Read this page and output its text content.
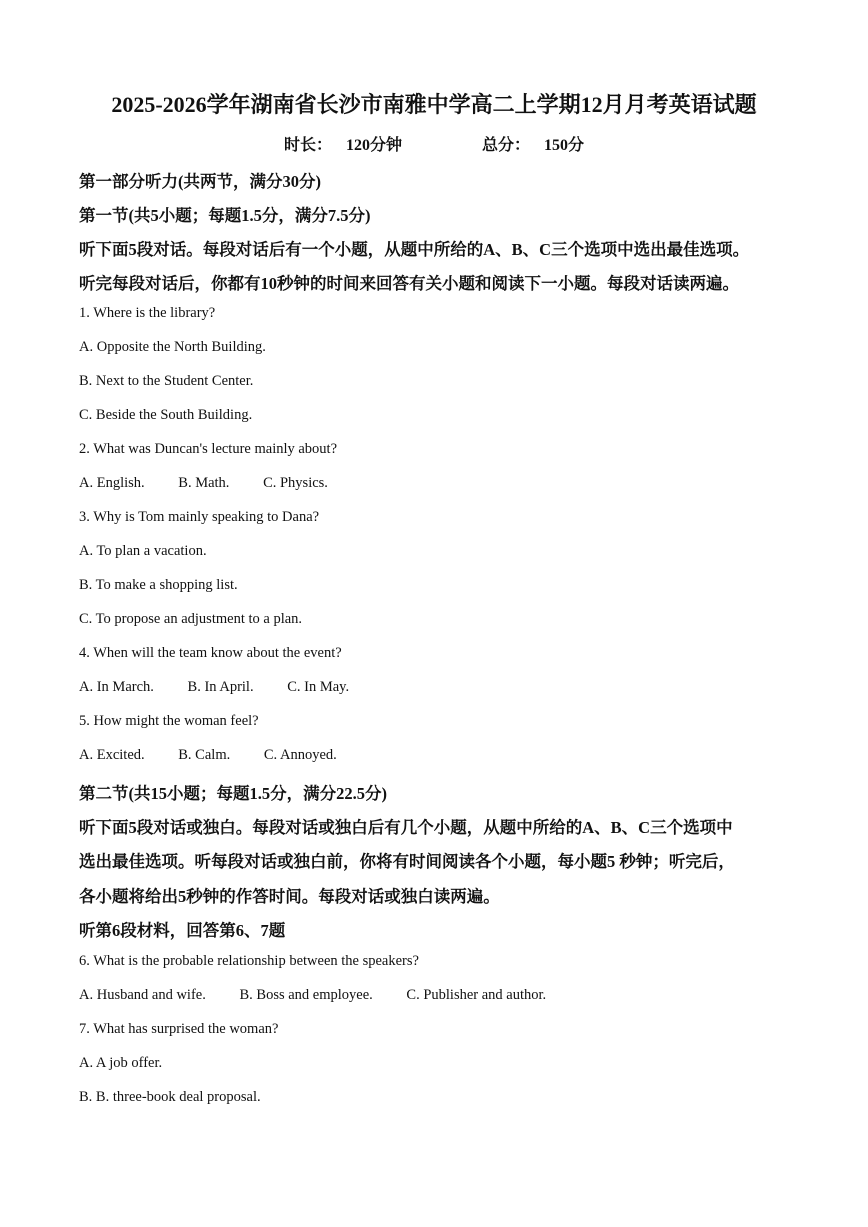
2025-2026学年湖南省长沙市南雅中学高二上学期12月月考英语试题
时长： 120分钟	总分： 150分
第一部分听力(共两节，满分30分)
第一节(共5小题；每题1.5分，满分7.5分)
听下面5段对话。每段对话后有一个小题，从题中所给的A、B、C三个选项中选出最佳选项。
听完每段对话后，你都有10秒钟的时间来回答有关小题和阅读下一小题。每段对话读两遍。
1. Where is the library?
A. Opposite the North Building.
B. Next to the Student Center.
C. Beside the South Building.
2. What was Duncan's lecture mainly about?
A. English. B. Math. C. Physics.
3. Why is Tom mainly speaking to Dana?
A. To plan a vacation.
B. To make a shopping list.
C. To propose an adjustment to a plan.
4. When will the team know about the event?
A. In March. B. In April. C. In May.
5. How might the woman feel?
A. Excited. B. Calm. C. Annoyed.
第二节(共15小题；每题1.5分，满分22.5分)
听下面5段对话或独白。每段对话或独白后有几个小题，从题中所给的A、B、C三个选项中
选出最佳选项。听每段对话或独白前，你将有时间阅读各个小题，每小题5 秒钟；听完后，
各小题将给出5秒钟的作答时间。每段对话或独白读两遍。
听第6段材料，回答第6、7题
6. What is the probable relationship between the speakers?
A. Husband and wife. B. Boss and employee. C. Publisher and author.
7. What has surprised the woman?
A. A job offer.
B. B. three-book deal proposal.
